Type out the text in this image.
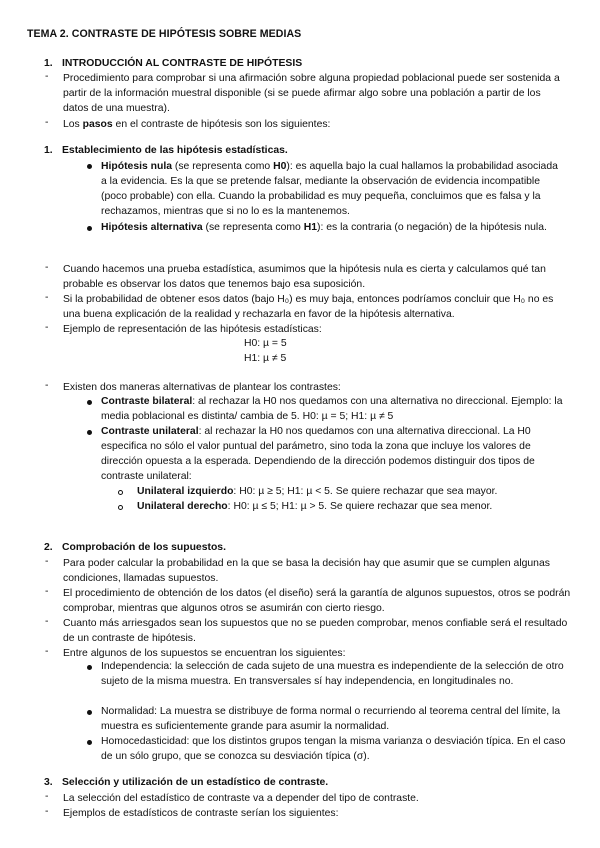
TEMA 2. CONTRASTE DE HIPÓTESIS SOBRE MEDIAS
1. INTRODUCCIÓN AL CONTRASTE DE HIPÓTESIS
- Procedimiento para comprobar si una afirmación sobre alguna propiedad poblacional puede ser sostenida a partir de la información muestral disponible (si se puede afirmar algo sobre una población a partir de los datos de una muestra).
- Los pasos en el contraste de hipótesis son los siguientes:
1. Establecimiento de las hipótesis estadísticas.
Hipótesis nula (se representa como H0): es aquella bajo la cual hallamos la probabilidad asociada a la evidencia. Es la que se pretende falsar, mediante la observación de evidencia incompatible (poco probable) con ella. Cuando la probabilidad es muy pequeña, concluimos que es falsa y la rechazamos, mientras que si no lo es la mantenemos.
Hipótesis alternativa (se representa como H1): es la contraria (o negación) de la hipótesis nula.
- Cuando hacemos una prueba estadística, asumimos que la hipótesis nula es cierta y calculamos qué tan probable es observar los datos que tenemos bajo esa suposición.
- Si la probabilidad de obtener esos datos (bajo H₀) es muy baja, entonces podríamos concluir que H₀ no es una buena explicación de la realidad y rechazarla en favor de la hipótesis alternativa.
- Ejemplo de representación de las hipótesis estadísticas:
H0: µ = 5
H1: µ ≠ 5
- Existen dos maneras alternativas de plantear los contrastes:
Contraste bilateral: al rechazar la H0 nos quedamos con una alternativa no direccional. Ejemplo: la media poblacional es distinta/ cambia de 5. H0: µ = 5; H1: µ ≠ 5
Contraste unilateral: al rechazar la H0 nos quedamos con una alternativa direccional. La H0 especifica no sólo el valor puntual del parámetro, sino toda la zona que incluye los valores de dirección opuesta a la esperada. Dependiendo de la dirección podemos distinguir dos tipos de contraste unilateral:
Unilateral izquierdo: H0: µ ≥ 5; H1: µ < 5. Se quiere rechazar que sea mayor.
Unilateral derecho: H0: µ ≤ 5; H1: µ > 5. Se quiere rechazar que sea menor.
2. Comprobación de los supuestos.
- Para poder calcular la probabilidad en la que se basa la decisión hay que asumir que se cumplen algunas condiciones, llamadas supuestos.
- El procedimiento de obtención de los datos (el diseño) será la garantía de algunos supuestos, otros se podrán comprobar, mientras que algunos otros se asumirán con cierto riesgo.
- Cuanto más arriesgados sean los supuestos que no se pueden comprobar, menos confiable será el resultado de un contraste de hipótesis.
- Entre algunos de los supuestos se encuentran los siguientes:
Independencia: la selección de cada sujeto de una muestra es independiente de la selección de otro sujeto de la misma muestra. En transversales sí hay independencia, en longitudinales no.
Normalidad: La muestra se distribuye de forma normal o recurriendo al teorema central del límite, la muestra es suficientemente grande para asumir la normalidad.
Homocedasticidad: que los distintos grupos tengan la misma varianza o desviación típica. En el caso de un sólo grupo, que se conozca su desviación típica (σ).
3. Selección y utilización de un estadístico de contraste.
- La selección del estadístico de contraste va a depender del tipo de contraste.
- Ejemplos de estadísticos de contraste serían los siguientes:
